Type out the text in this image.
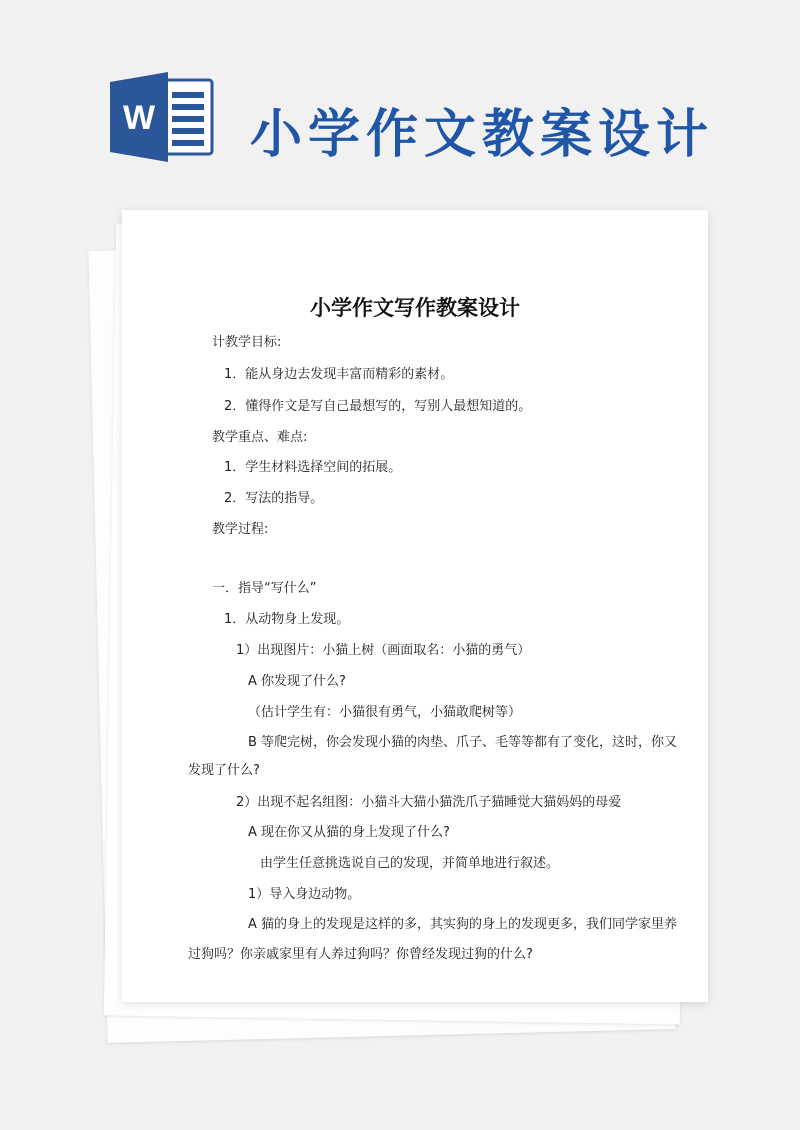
W 小学作文教案设计
小学作文写作教案设计
计教学目标:
1．能从身边去发现丰富而精彩的素材。
2．懂得作文是写自己最想写的，写别人最想知道的。
教学重点、难点:
1．学生材料选择空间的拓展。
2．写法的指导。
教学过程:
一．指导“写什么”
1．从动物身上发现。
1）出现图片：小猫上树（画面取名：小猫的勇气）
A 你发现了什么?
（估计学生有：小猫很有勇气，小猫敢爬树等）
B 等爬完树，你会发现小猫的肉垫、爪子、毛等等都有了变化，这时，你又
发现了什么?
2）出现不起名组图：小猫斗大猫小猫洗爪子猫睡觉大猫妈妈的母爱
A 现在你又从猫的身上发现了什么?
由学生任意挑选说自己的发现，并简单地进行叙述。
1）导入身边动物。
A 猫的身上的发现是这样的多，其实狗的身上的发现更多，我们同学家里养
过狗吗？你亲戚家里有人养过狗吗？你曾经发现过狗的什么?
